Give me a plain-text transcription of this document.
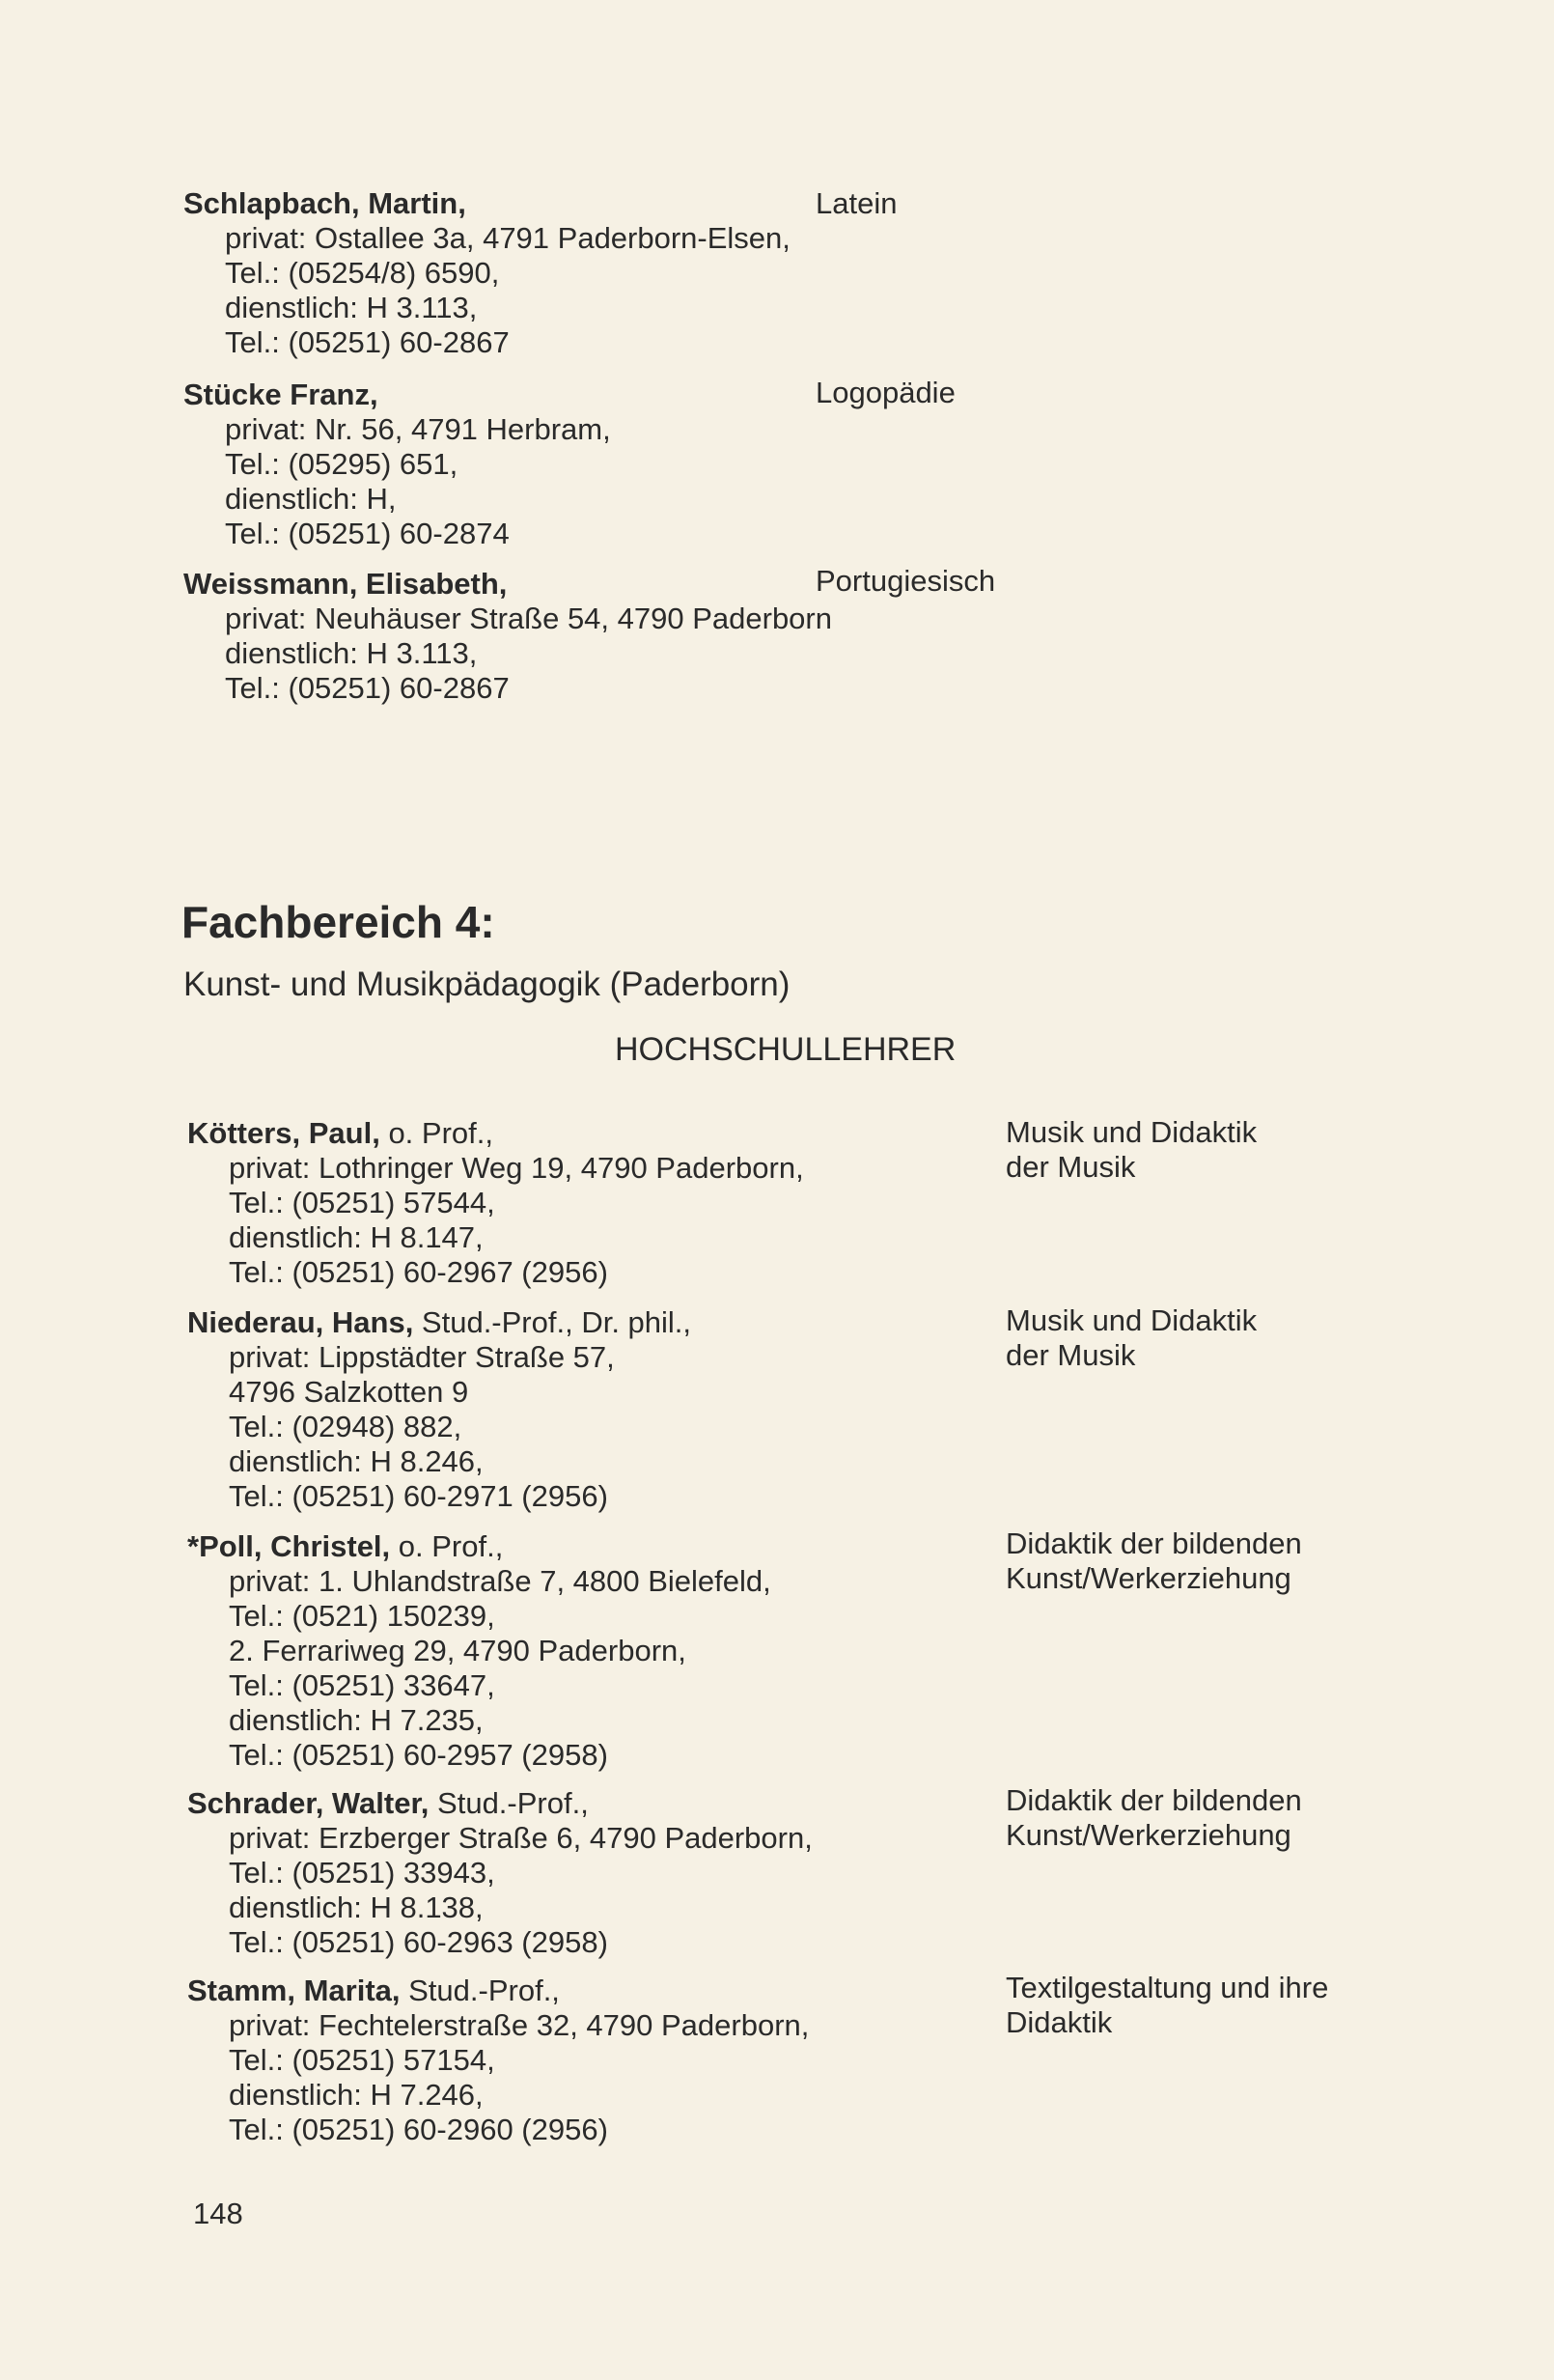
Schlapbach, Martin,
privat: Ostallee 3a, 4791 Paderborn-Elsen,
Tel.: (05254/8) 6590,
dienstlich: H 3.113,
Tel.: (05251) 60-2867
Latein
Stücke Franz,
privat: Nr. 56, 4791 Herbram,
Tel.: (05295) 651,
dienstlich: H,
Tel.: (05251) 60-2874
Logopädie
Weissmann, Elisabeth,
privat: Neuhäuser Straße 54, 4790 Paderborn
dienstlich: H 3.113,
Tel.: (05251) 60-2867
Portugiesisch
Fachbereich 4:
Kunst- und Musikpädagogik (Paderborn)
HOCHSCHULLEHRER
Kötters, Paul, o. Prof.,
privat: Lothringer Weg 19, 4790 Paderborn,
Tel.: (05251) 57544,
dienstlich: H 8.147,
Tel.: (05251) 60-2967 (2956)
Musik und Didaktik
der Musik
Niederau, Hans, Stud.-Prof., Dr. phil.,
privat: Lippstädter Straße 57,
4796 Salzkotten 9
Tel.: (02948) 882,
dienstlich: H 8.246,
Tel.: (05251) 60-2971 (2956)
Musik und Didaktik
der Musik
*Poll, Christel, o. Prof.,
privat: 1. Uhlandstraße 7, 4800 Bielefeld,
Tel.: (0521) 150239,
2. Ferrariweg 29, 4790 Paderborn,
Tel.: (05251) 33647,
dienstlich: H 7.235,
Tel.: (05251) 60-2957 (2958)
Didaktik der bildenden
Kunst/Werkerziehung
Schrader, Walter, Stud.-Prof.,
privat: Erzberger Straße 6, 4790 Paderborn,
Tel.: (05251) 33943,
dienstlich: H 8.138,
Tel.: (05251) 60-2963 (2958)
Didaktik der bildenden
Kunst/Werkerziehung
Stamm, Marita, Stud.-Prof.,
privat: Fechtelerstraße 32, 4790 Paderborn,
Tel.: (05251) 57154,
dienstlich: H 7.246,
Tel.: (05251) 60-2960 (2956)
Textilgestaltung und ihre
Didaktik
148
